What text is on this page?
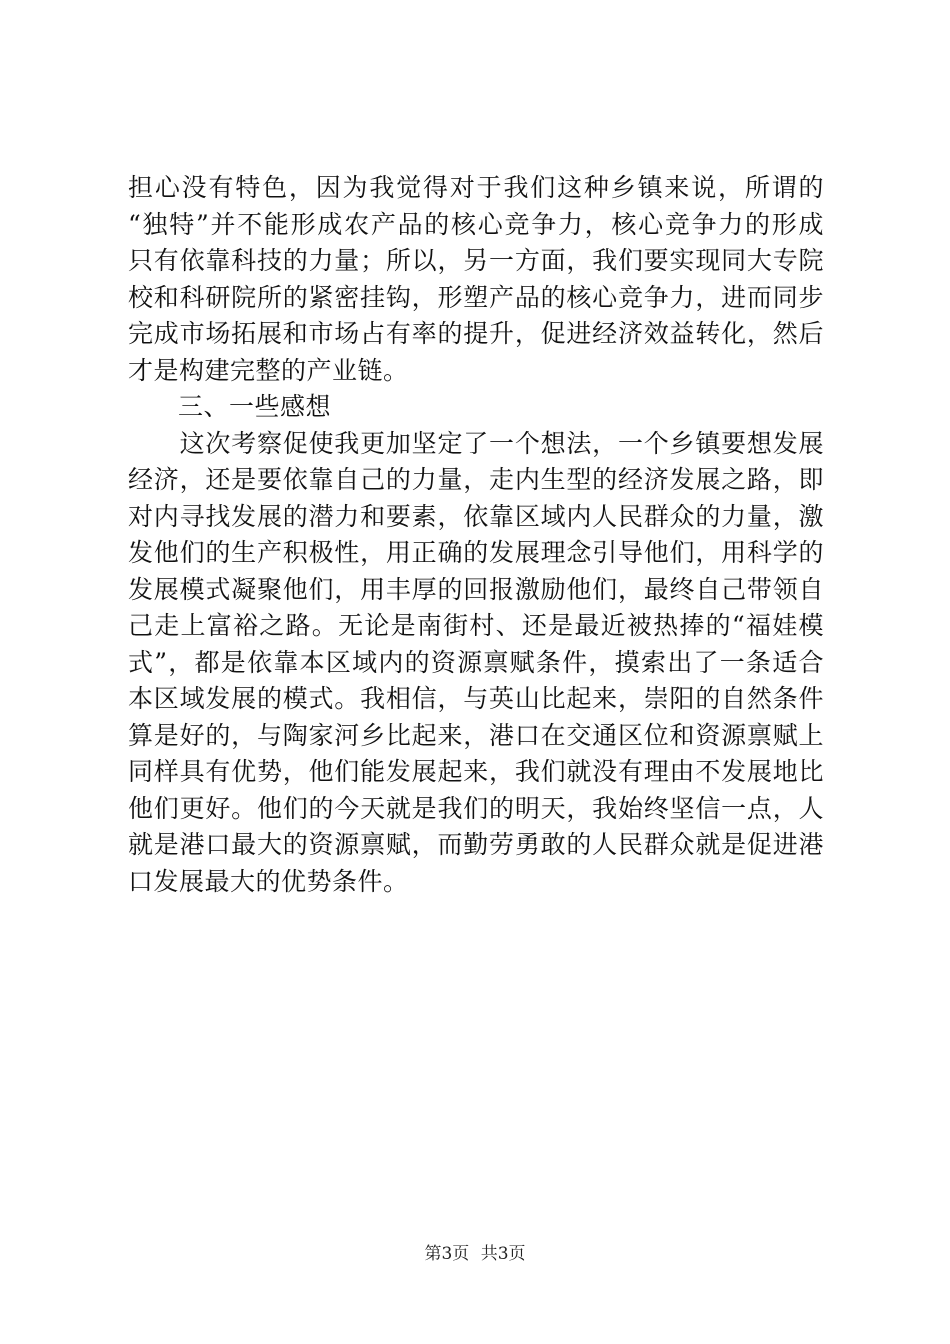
担心没有特色，因为我觉得对于我们这种乡镇来说，所谓的
“独特”并不能形成农产品的核心竞争力，核心竞争力的形成
只有依靠科技的力量；所以，另一方面，我们要实现同大专院
校和科研院所的紧密挂钩，形塑产品的核心竞争力，进而同步
完成市场拓展和市场占有率的提升，促进经济效益转化，然后
才是构建完整的产业链。
三、一些感想
　　这次考察促使我更加坚定了一个想法，一个乡镇要想发展
经济，还是要依靠自己的力量，走内生型的经济发展之路，即
对内寻找发展的潜力和要素，依靠区域内人民群众的力量，激
发他们的生产积极性，用正确的发展理念引导他们，用科学的
发展模式凝聚他们，用丰厚的回报激励他们，最终自己带领自
己走上富裕之路。无论是南街村、还是最近被热捧的“福娃模
式”，都是依靠本区域内的资源禀赋条件，摸索出了一条适合
本区域发展的模式。我相信，与英山比起来，崇阳的自然条件
算是好的，与陶家河乡比起来，港口在交通区位和资源禀赋上
同样具有优势，他们能发展起来，我们就没有理由不发展地比
他们更好。他们的今天就是我们的明天，我始终坚信一点，人
就是港口最大的资源禀赋，而勤劳勇敢的人民群众就是促进港
口发展最大的优势条件。
第3页 共3页
